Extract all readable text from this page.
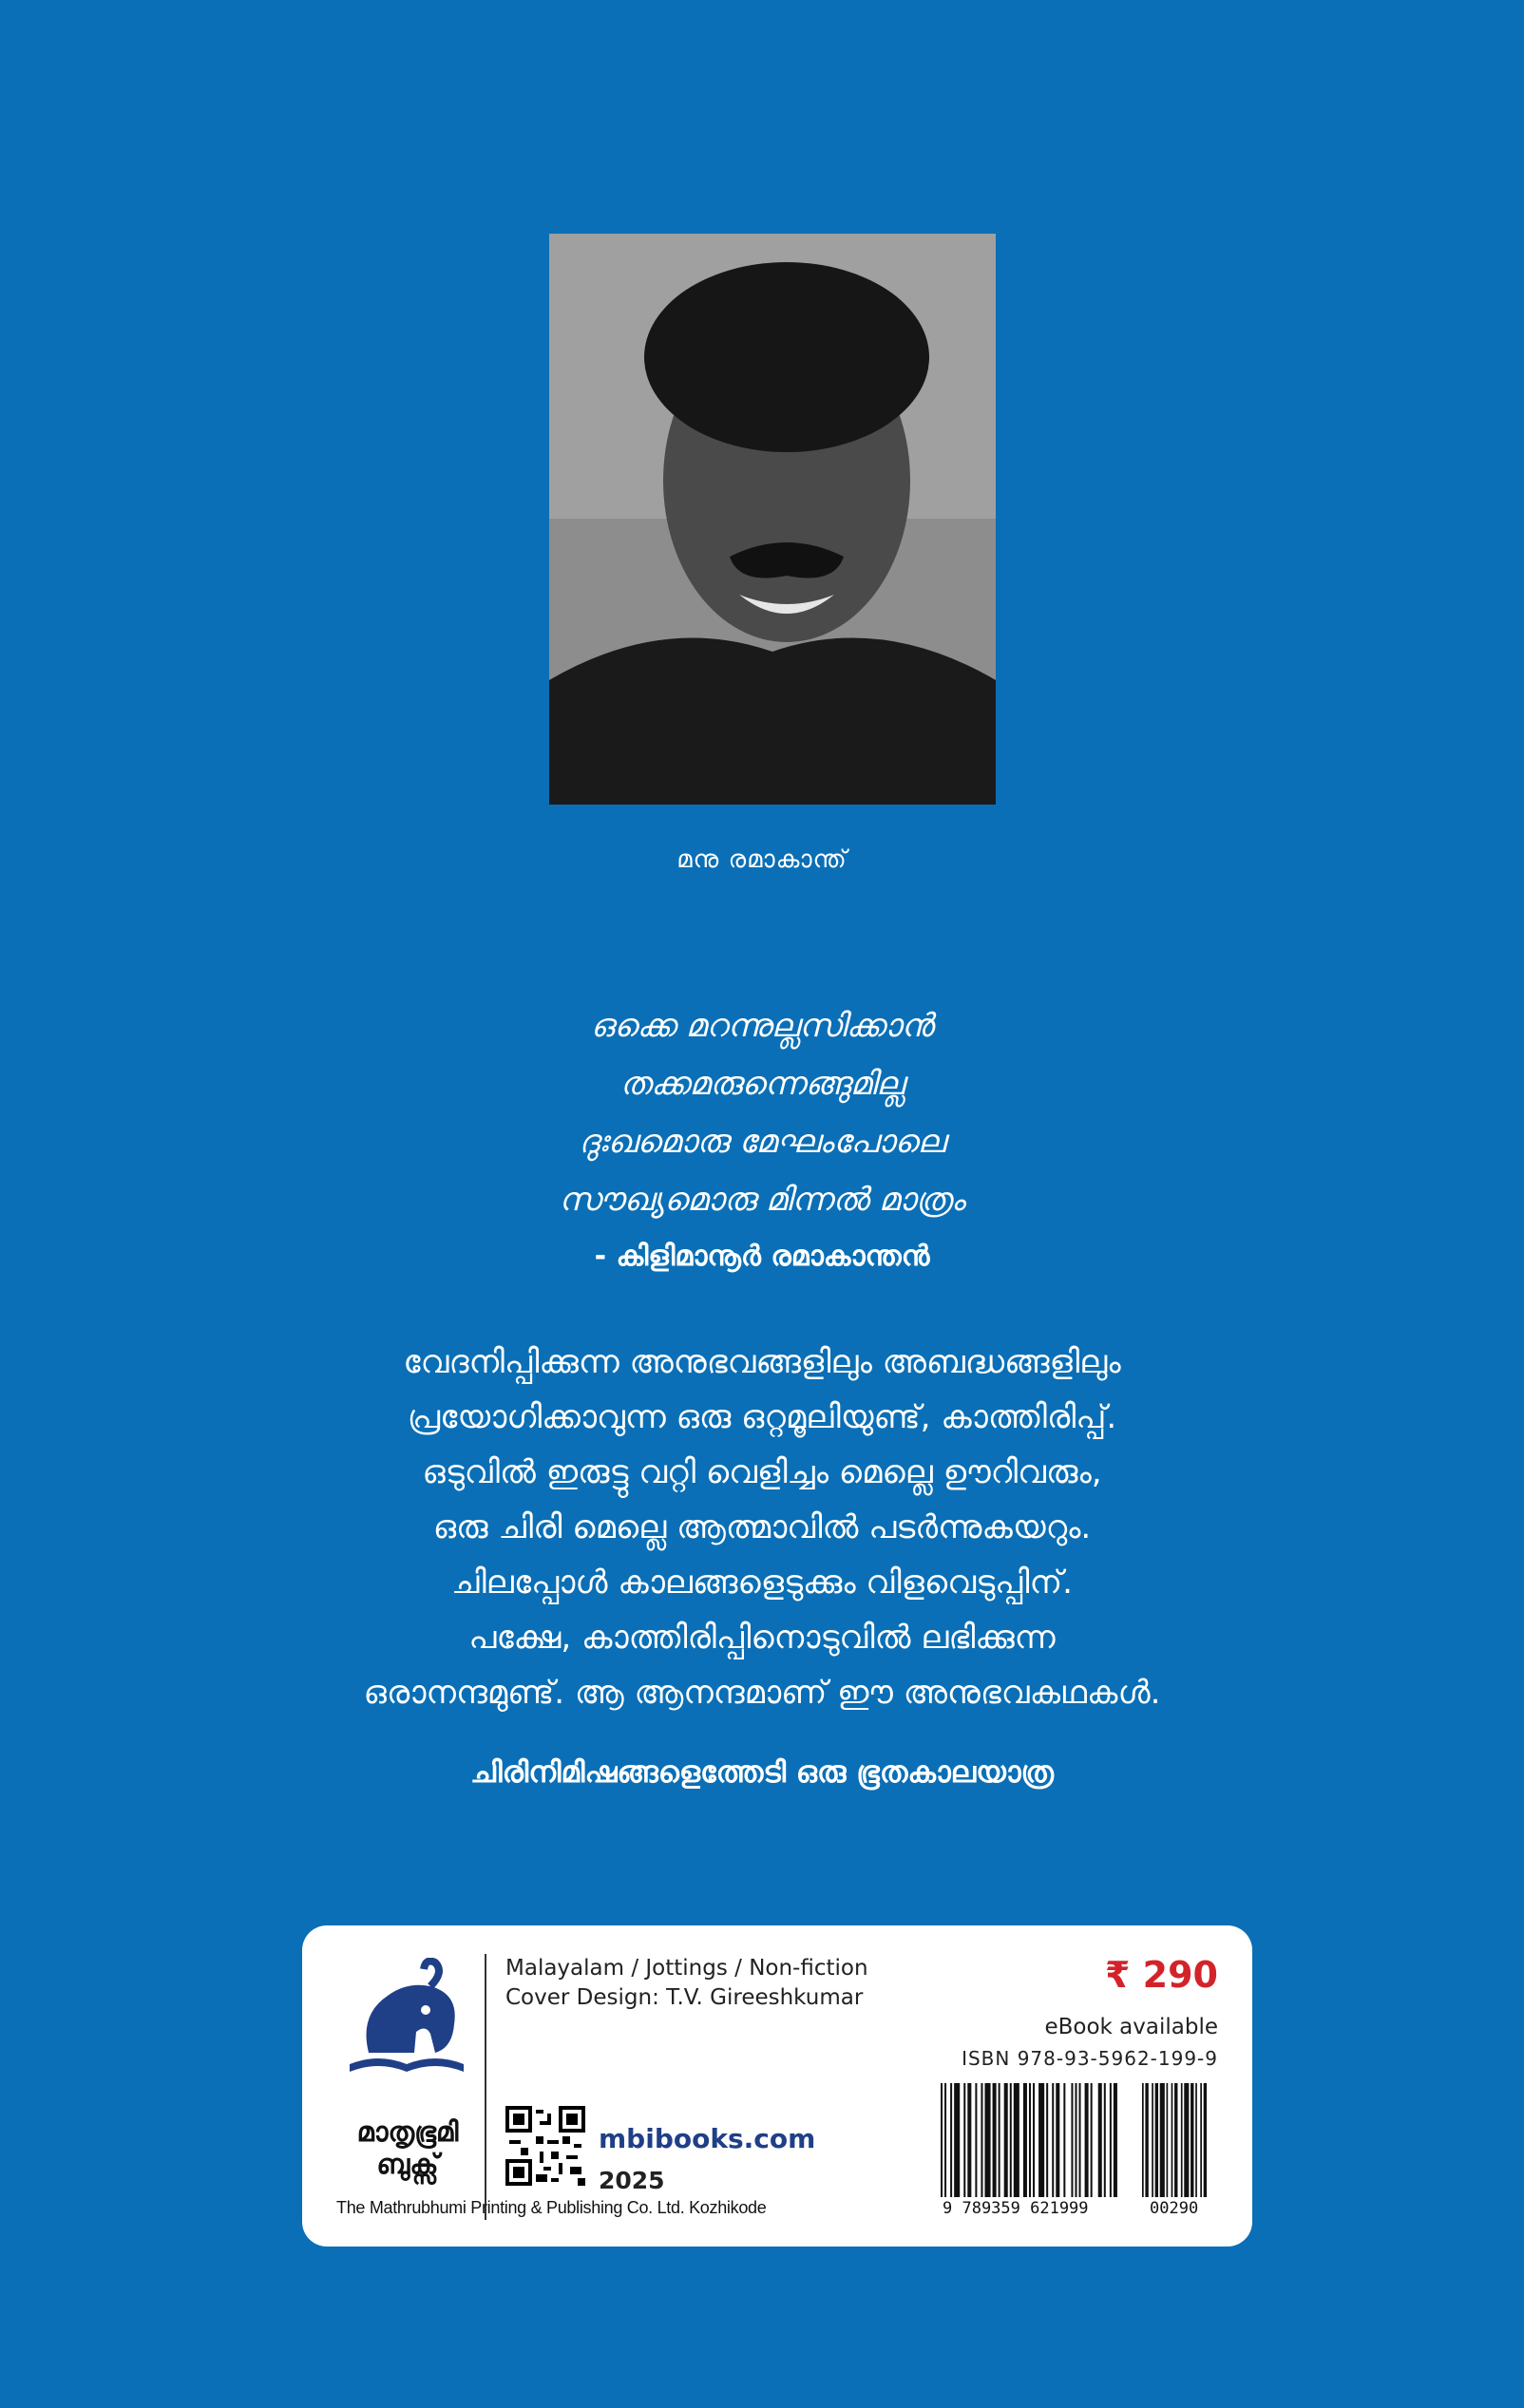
മനു രമാകാന്ത്
ഒക്കെ മറന്നുല്ലസിക്കാൻ
തക്കമരുന്നെങ്ങുമില്ല
ദുഃഖമൊരു മേഘംപോലെ
സൗഖ്യമൊരു മിന്നൽ മാത്രം
- കിളിമാനൂർ രമാകാന്തൻ
വേദനിപ്പിക്കുന്ന അനുഭവങ്ങളിലും അബദ്ധങ്ങളിലും
പ്രയോഗിക്കാവുന്ന ഒരു ഒറ്റമൂലിയുണ്ട്, കാത്തിരിപ്പ്.
ഒടുവിൽ ഇരുട്ടു വറ്റി വെളിച്ചം മെല്ലെ ഊറിവരും,
ഒരു ചിരി മെല്ലെ ആത്മാവിൽ പടർന്നുകയറും.
ചിലപ്പോൾ കാലങ്ങളെടുക്കും വിളവെടുപ്പിന്.
പക്ഷേ, കാത്തിരിപ്പിനൊടുവിൽ ലഭിക്കുന്ന
ഒരാനന്ദമുണ്ട്. ആ ആനന്ദമാണ് ഈ അനുഭവകഥകൾ.
ചിരിനിമിഷങ്ങളെത്തേടി ഒരു ഭൂതകാലയാത്ര
മാതൃഭൂമി
ബുക്സ്
Malayalam / Jottings / Non-fiction
Cover Design: T.V. Gireeshkumar
mbibooks.com
2025
The Mathrubhumi Printing & Publishing Co. Ltd. Kozhikode
₹ 290
eBook available
ISBN 978-93-5962-199-9
9 789359 621999	00290
